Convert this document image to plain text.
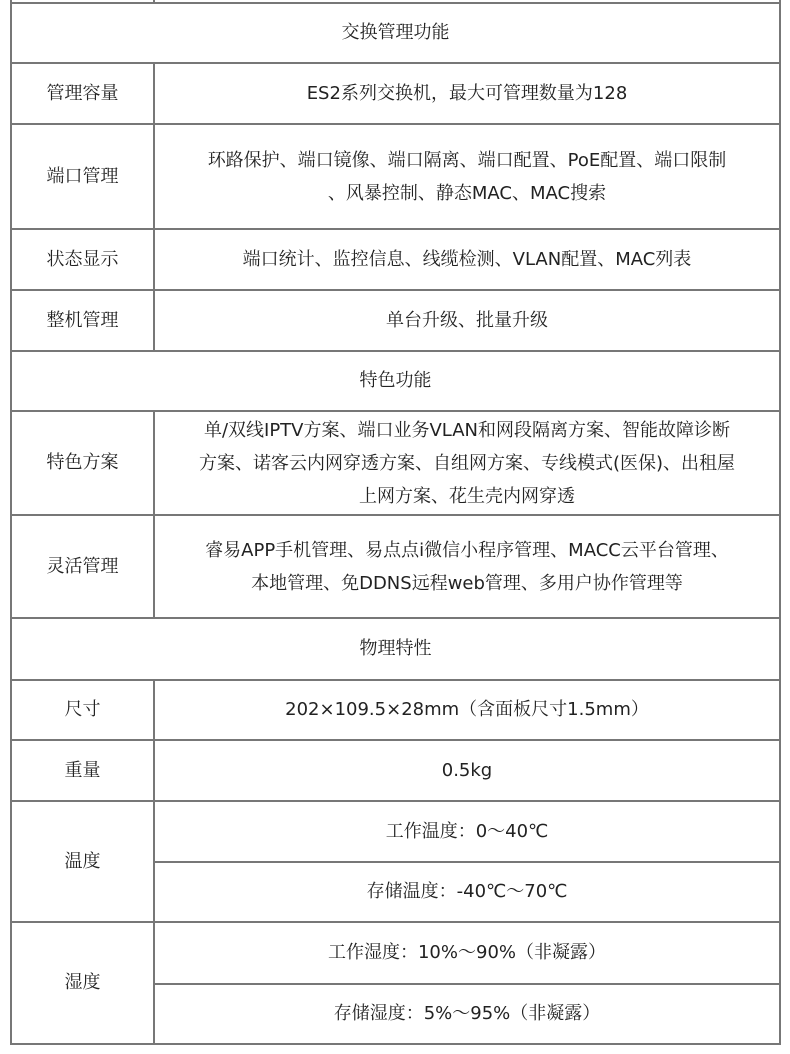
交换管理功能	
管理容量	ES2系列交换机，最大可管理数量为128
端口管理	环路保护、端口镜像、端口隔离、端口配置、PoE配置、端口限制
、风暴控制、静态MAC、MAC搜索

状态显示	端口统计、监控信息、线缆检测、VLAN配置、MAC列表
整机管理	单台升级、批量升级
特色功能	
特色方案	单/双线IPTV方案、端口业务VLAN和网段隔离方案、智能故障诊断
方案、诺客云内网穿透方案、自组网方案、专线模式(医保)、出租屋
上网方案、花生壳内网穿透

灵活管理	睿易APP手机管理、易点点i微信小程序管理、MACC云平台管理、
本地管理、免DDNS远程web管理、多用户协作管理等

物理特性	
尺寸	202×109.5×28mm（含面板尺寸1.5mm）
重量	0.5kg
温度	工作温度：0～40℃
	存储温度：-40℃～70℃
湿度	工作湿度：10%～90%（非凝露）
	存储湿度：5%～95%（非凝露）
